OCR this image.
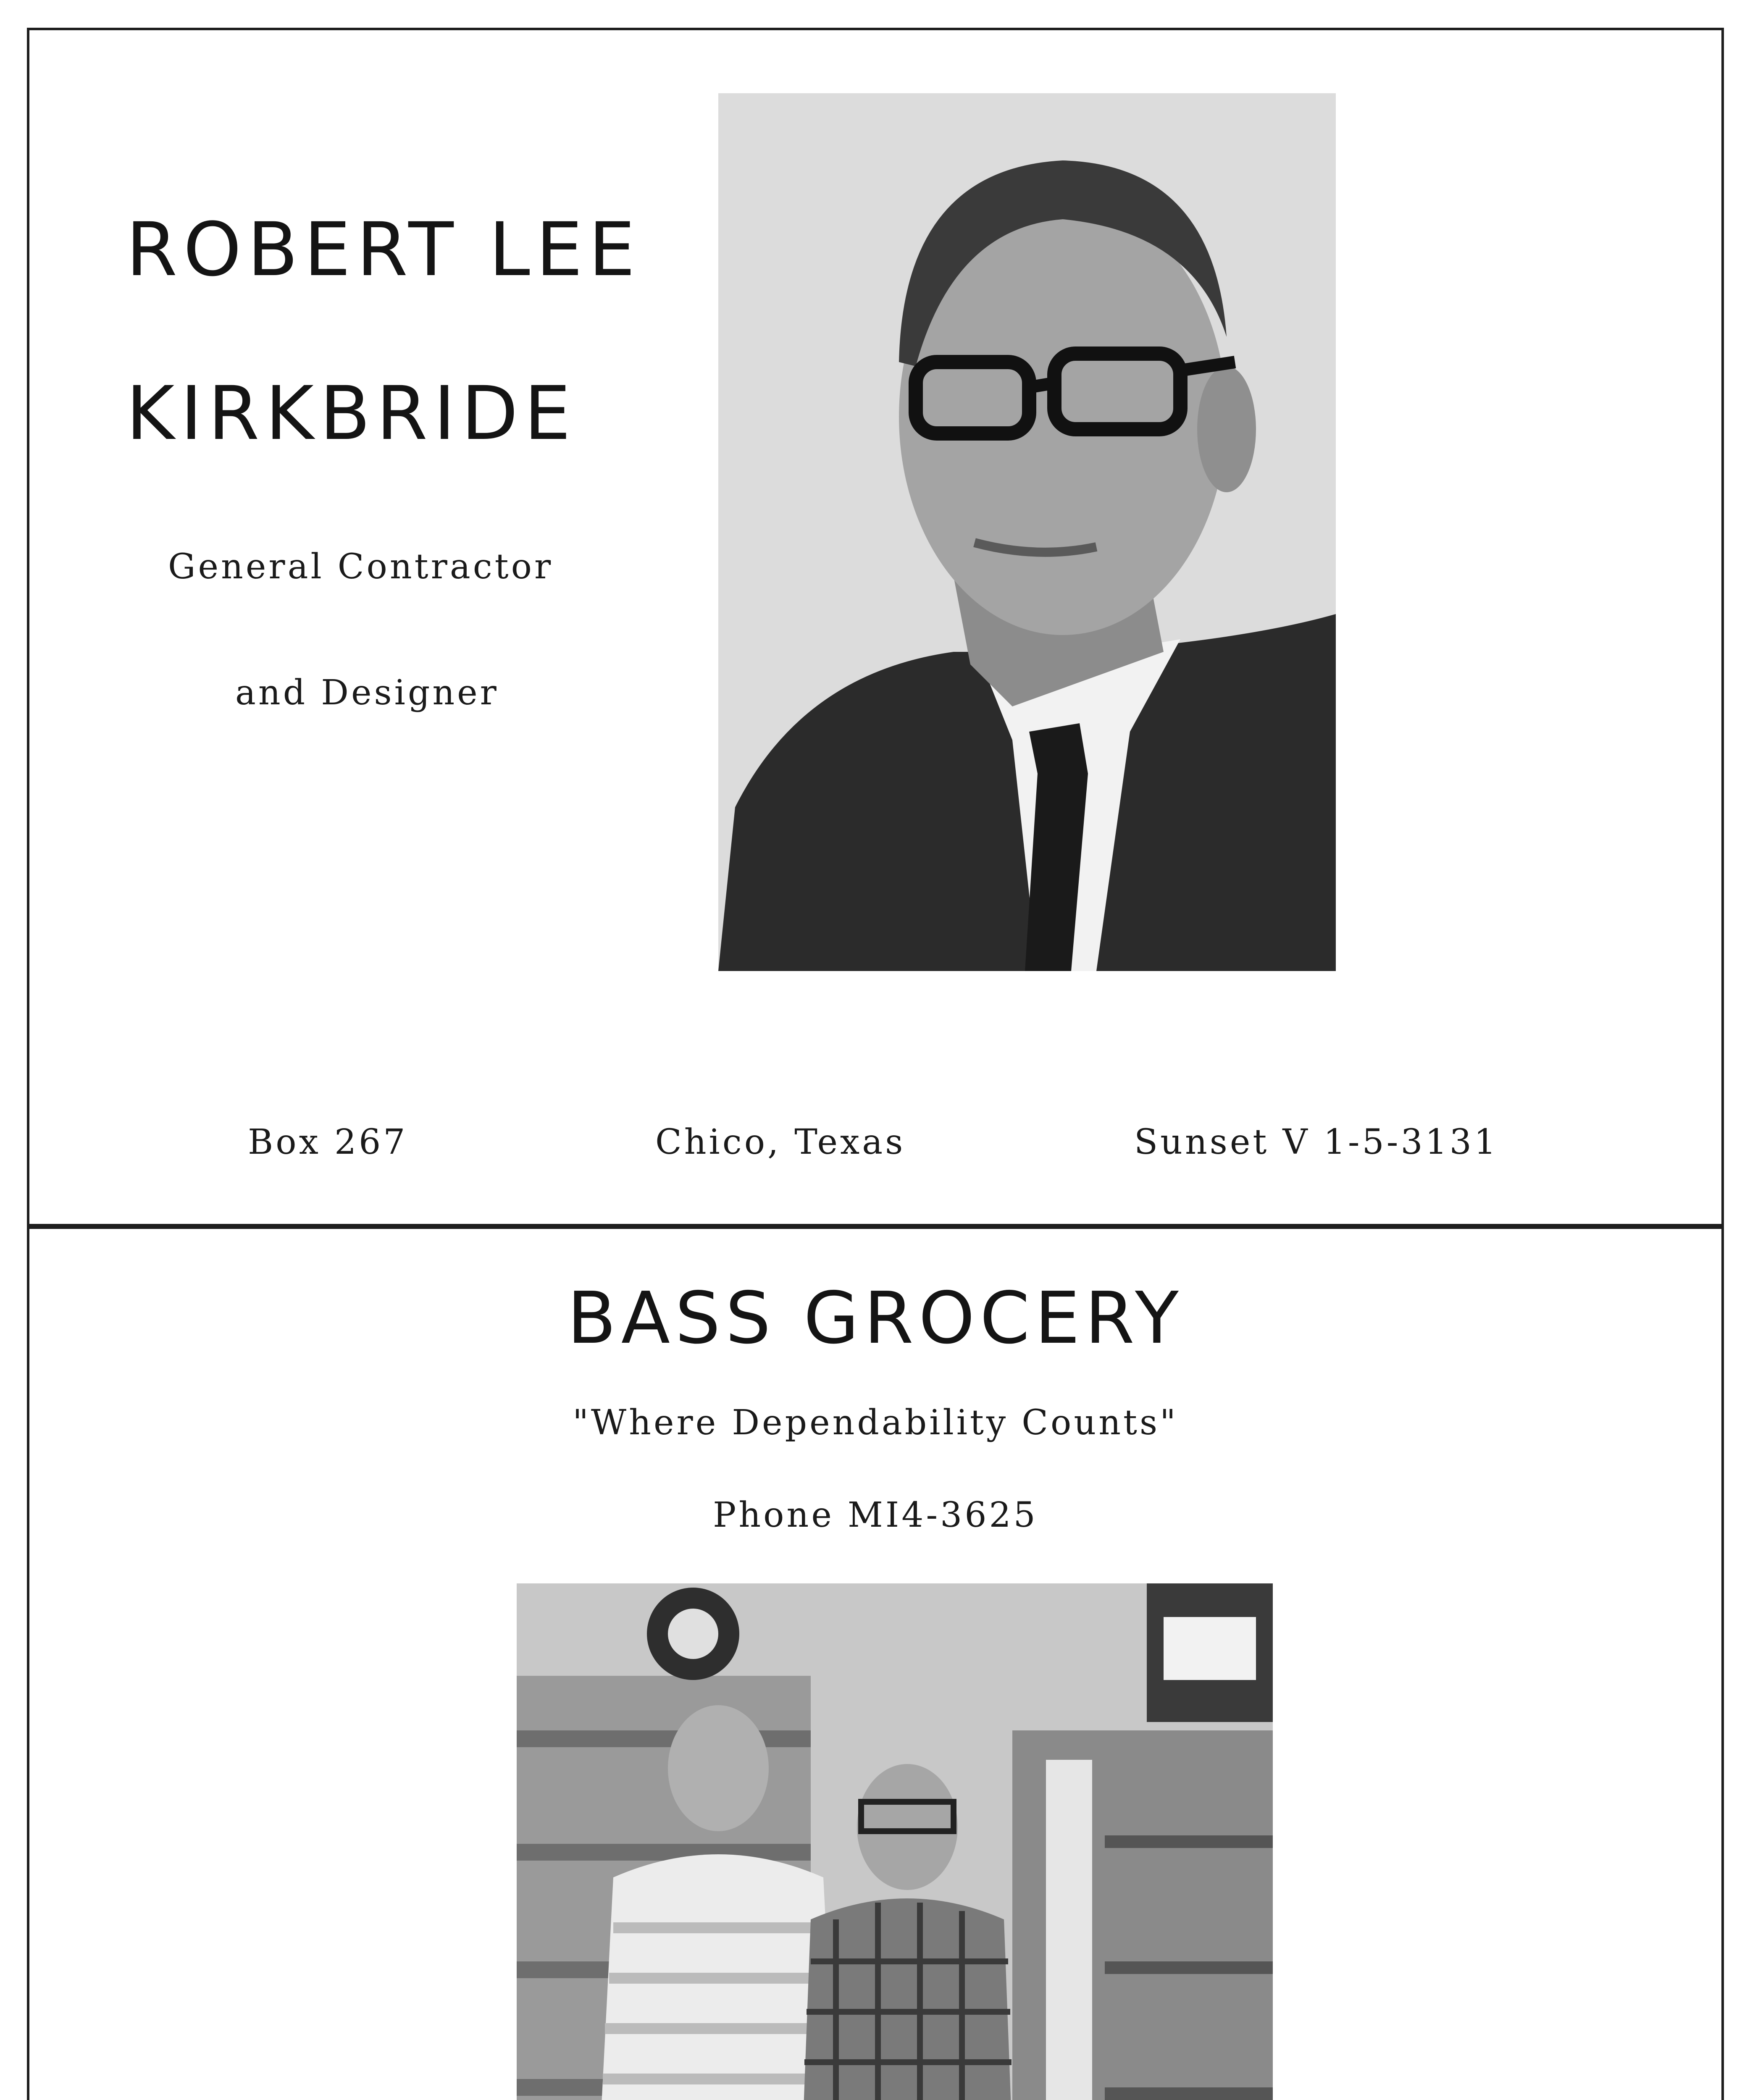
ROBERT LEE
KIRKBRIDE
General Contractor
and Designer
Box 267	Chico, Texas	Sunset V 1-5-3131
BASS GROCERY
"Where Dependability Counts"
Phone MI4-3625
